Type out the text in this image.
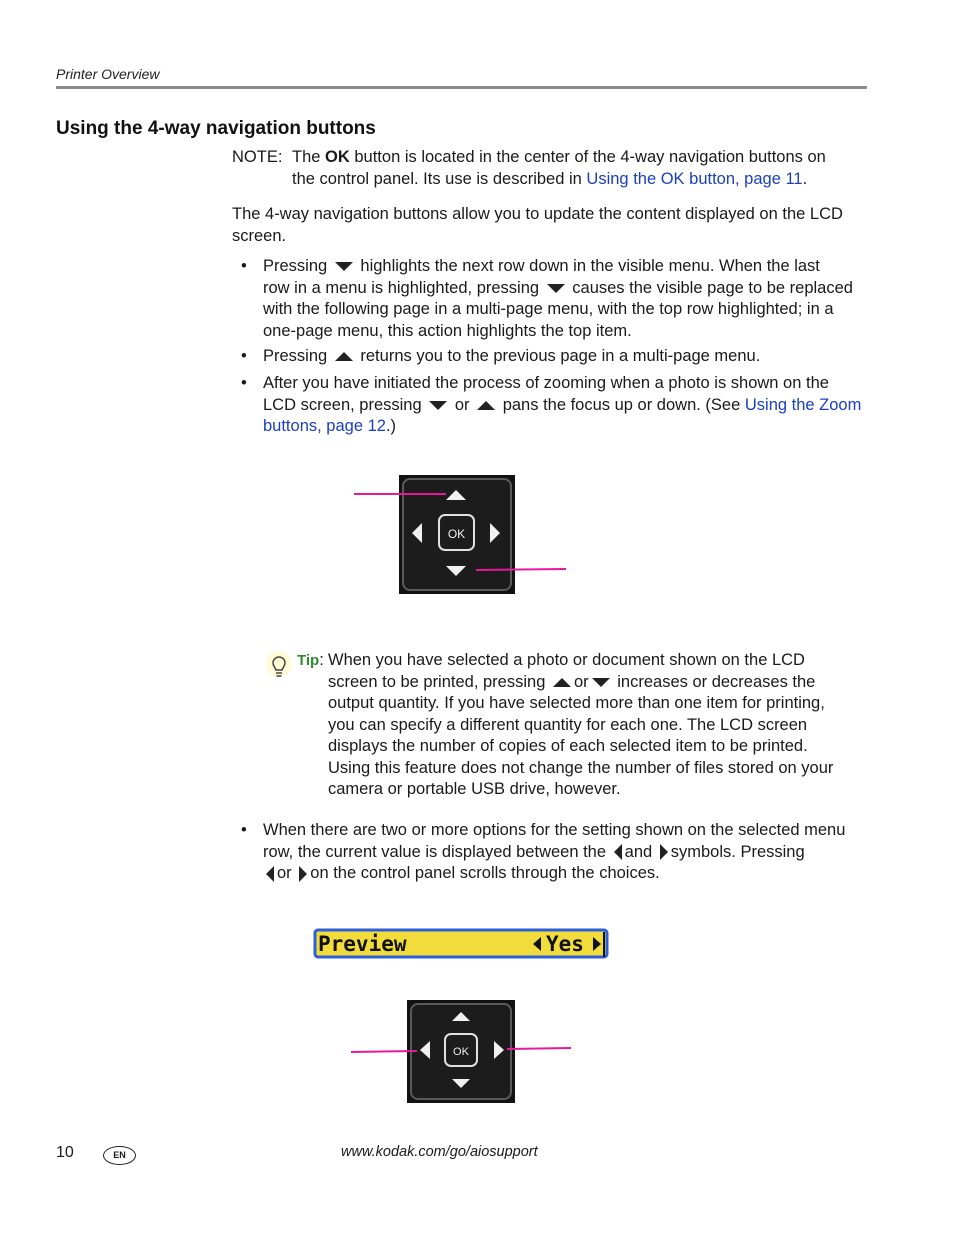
Printer Overview
Using the 4-way navigation buttons
NOTE: The OK button is located in the center of the 4-way navigation buttons on
the control panel. Its use is described in Using the OK button, page 11.
The 4-way navigation buttons allow you to update the content displayed on the LCD
screen.
• Pressing highlights the next row down in the visible menu. When the last
row in a menu is highlighted, pressing causes the visible page to be replaced
with the following page in a multi-page menu, with the top row highlighted; in a
one-page menu, this action highlights the top item.
• Pressing returns you to the previous page in a multi-page menu.
• After you have initiated the process of zooming when a photo is shown on the
LCD screen, pressing or pans the focus up or down. (See Using the Zoom
buttons, page 12.)
OK
Tip: When you have selected a photo or document shown on the LCD
screen to be printed, pressing or increases or decreases the
output quantity. If you have selected more than one item for printing,
you can specify a different quantity for each one. The LCD screen
displays the number of copies of each selected item to be printed.
Using this feature does not change the number of files stored on your
camera or portable USB drive, however.
• When there are two or more options for the setting shown on the selected menu
row, the current value is displayed between the and symbols. Pressing
or on the control panel scrolls through the choices.
Preview	Yes
OK
10	EN	www.kodak.com/go/aiosupport
